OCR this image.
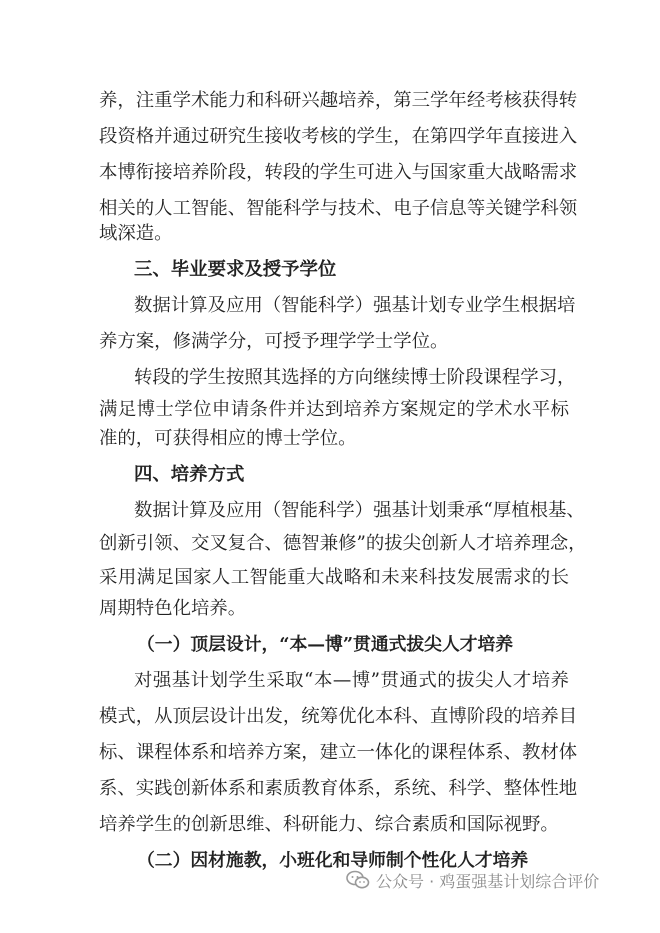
养，注重学术能力和科研兴趣培养，第三学年经考核获得转
段资格并通过研究生接收考核的学生，在第四学年直接进入
本博衔接培养阶段，转段的学生可进入与国家重大战略需求
相关的人工智能、智能科学与技术、电子信息等关键学科领
域深造。
三、毕业要求及授予学位
数据计算及应用（智能科学）强基计划专业学生根据培
养方案，修满学分，可授予理学学士学位。
转段的学生按照其选择的方向继续博士阶段课程学习，
满足博士学位申请条件并达到培养方案规定的学术水平标
准的，可获得相应的博士学位。
四、培养方式
数据计算及应用（智能科学）强基计划秉承“厚植根基、
创新引领、交叉复合、德智兼修”的拔尖创新人才培养理念，
采用满足国家人工智能重大战略和未来科技发展需求的长
周期特色化培养。
（一）顶层设计，“本—博”贯通式拔尖人才培养
对强基计划学生采取“本—博”贯通式的拔尖人才培养
模式，从顶层设计出发，统筹优化本科、直博阶段的培养目
标、课程体系和培养方案，建立一体化的课程体系、教材体
系、实践创新体系和素质教育体系，系统、科学、整体性地
培养学生的创新思维、科研能力、综合素质和国际视野。
（二）因材施教，小班化和导师制个性化人才培养
公众号 · 鸡蛋强基计划综合评价
